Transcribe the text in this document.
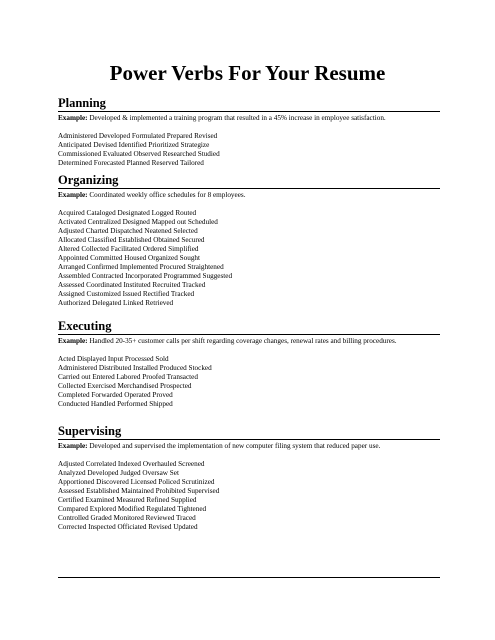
Power Verbs For Your Resume
Planning
Example: Developed & implemented a training program that resulted in a 45% increase in employee satisfaction.
Administered Developed Formulated Prepared Revised
Anticipated Devised Identified Prioritized Strategize
Commissioned Evaluated Observed Researched Studied
Determined Forecasted Planned Reserved Tailored
Organizing
Example: Coordinated weekly office schedules for 8 employees.
Acquired Cataloged Designated Logged Routed
Activated Centralized Designed Mapped out Scheduled
Adjusted Charted Dispatched Neatened Selected
Allocated Classified Established Obtained Secured
Altered Collected Facilitated Ordered Simplified
Appointed Committed Housed Organized Sought
Arranged Confirmed Implemented Procured Straightened
Assembled Contracted Incorporated Programmed Suggested
Assessed Coordinated Instituted Recruited Tracked
Assigned Customized Issued Rectified Tracked
Authorized Delegated Linked Retrieved
Executing
Example: Handled 20-35+ customer calls per shift regarding coverage changes, renewal rates and billing procedures.
Acted Displayed Input Processed Sold
Administered Distributed Installed Produced Stocked
Carried out Entered Labored Proofed Transacted
Collected Exercised Merchandised Prospected
Completed Forwarded Operated Proved
Conducted Handled Performed Shipped
Supervising
Example: Developed and supervised the implementation of new computer filing system that reduced paper use.
Adjusted Correlated Indexed Overhauled Screened
Analyzed Developed Judged Oversaw Set
Apportioned Discovered Licensed Policed Scrutinized
Assessed Established Maintained Prohibited Supervised
Certified Examined Measured Refined Supplied
Compared Explored Modified Regulated Tightened
Controlled Graded Monitored Reviewed Traced
Corrected Inspected Officiated Revised Updated
